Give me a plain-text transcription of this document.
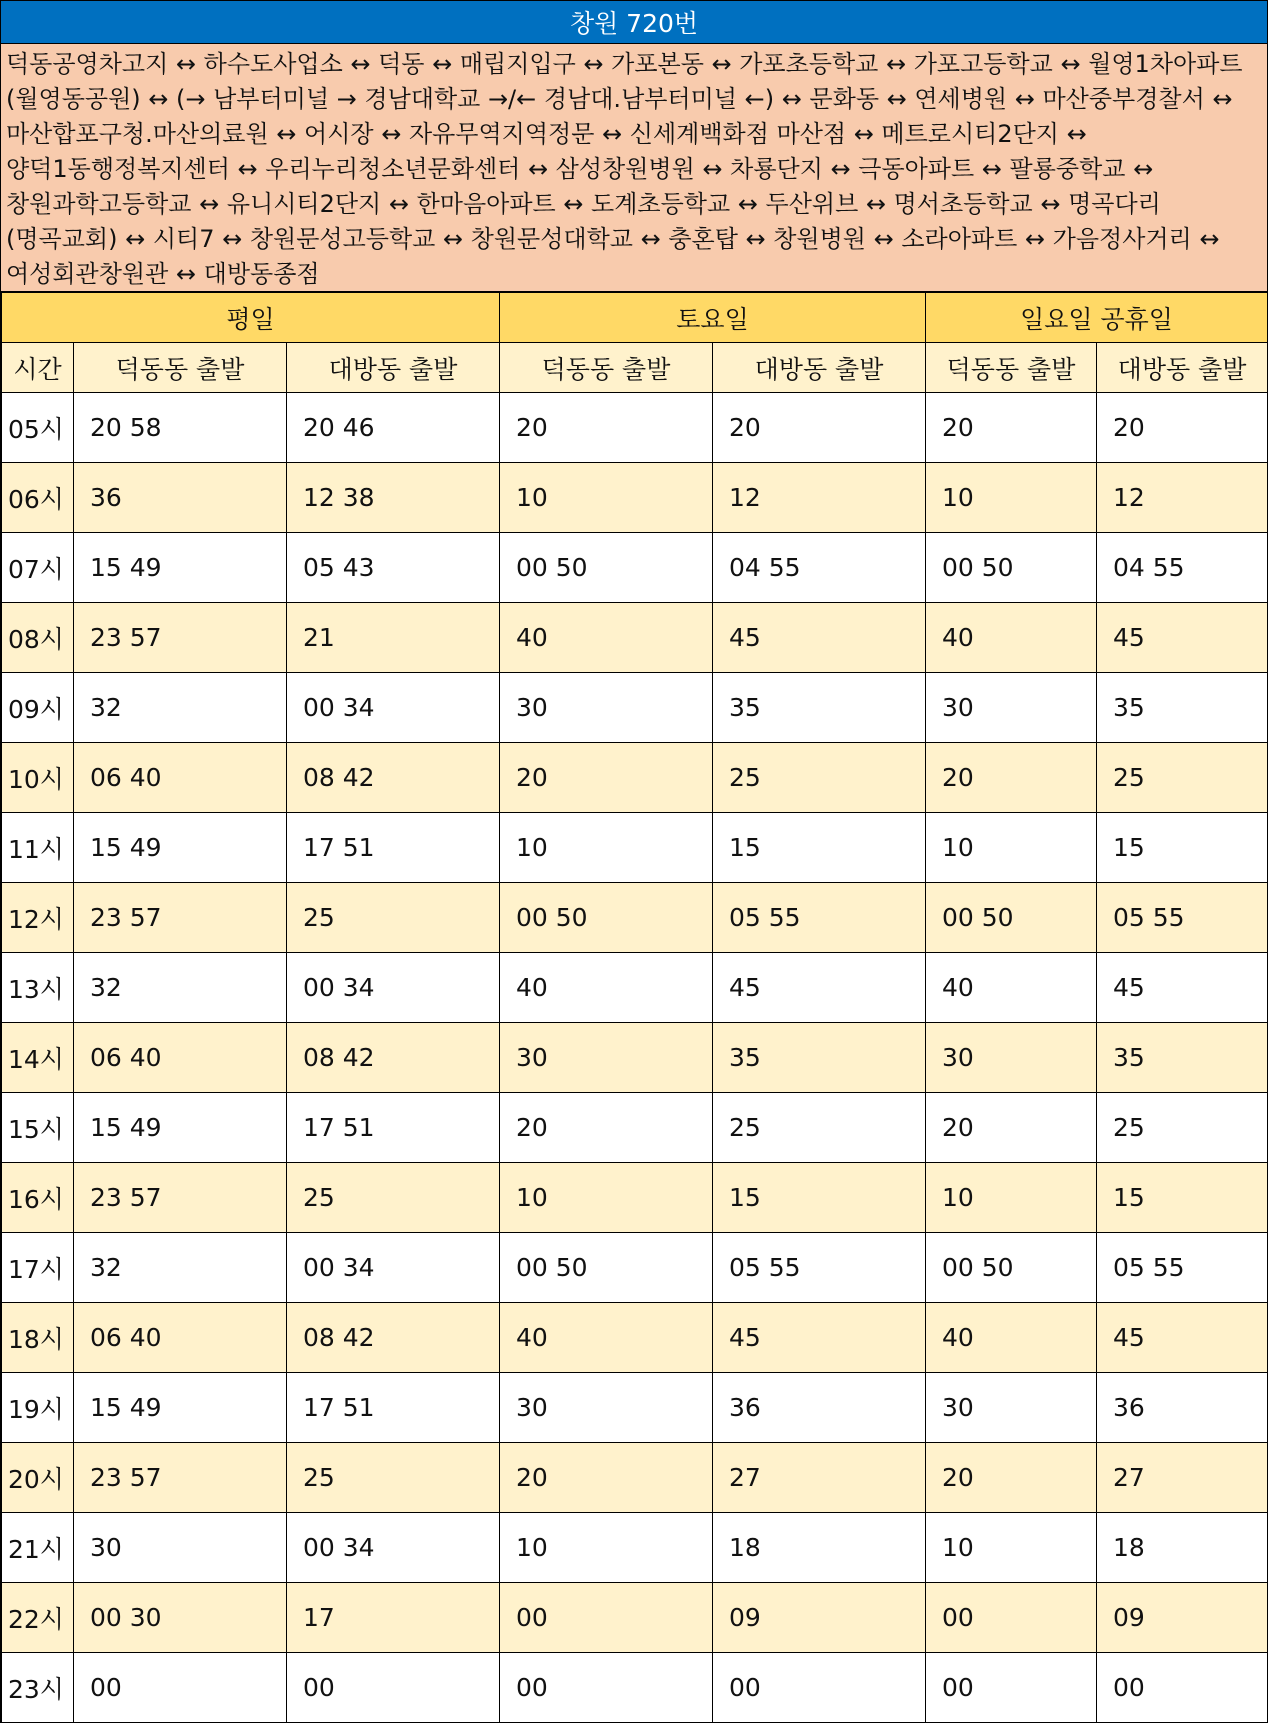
창원 720번
덕동공영차고지 ↔ 하수도사업소 ↔ 덕동 ↔ 매립지입구 ↔ 가포본동 ↔ 가포초등학교 ↔ 가포고등학교 ↔ 월영1차아파트(월영동공원) ↔ (→ 남부터미널 → 경남대학교 →/← 경남대.남부터미널 ←) ↔ 문화동 ↔ 연세병원 ↔ 마산중부경찰서 ↔ 마산합포구청.마산의료원 ↔ 어시장 ↔ 자유무역지역정문 ↔ 신세계백화점 마산점 ↔ 메트로시티2단지 ↔ 양덕1동행정복지센터 ↔ 우리누리청소년문화센터 ↔ 삼성창원병원 ↔ 차룡단지 ↔ 극동아파트 ↔ 팔룡중학교 ↔ 창원과학고등학교 ↔ 유니시티2단지 ↔ 한마음아파트 ↔ 도계초등학교 ↔ 두산위브 ↔ 명서초등학교 ↔ 명곡다리(명곡교회) ↔ 시티7 ↔ 창원문성고등학교 ↔ 창원문성대학교 ↔ 충혼탑 ↔ 창원병원 ↔ 소라아파트 ↔ 가음정사거리 ↔ 여성회관창원관 ↔ 대방동종점
평일			토요일		일요일 공휴일	
시간	덕동동 출발	대방동 출발	덕동동 출발	대방동 출발	덕동동 출발	대방동 출발
05시	20 58	20 46	20	20	20	20
06시	36	12 38	10	12	10	12
07시	15 49	05 43	00 50	04 55	00 50	04 55
08시	23 57	21	40	45	40	45
09시	32	00 34	30	35	30	35
10시	06 40	08 42	20	25	20	25
11시	15 49	17 51	10	15	10	15
12시	23 57	25	00 50	05 55	00 50	05 55
13시	32	00 34	40	45	40	45
14시	06 40	08 42	30	35	30	35
15시	15 49	17 51	20	25	20	25
16시	23 57	25	10	15	10	15
17시	32	00 34	00 50	05 55	00 50	05 55
18시	06 40	08 42	40	45	40	45
19시	15 49	17 51	30	36	30	36
20시	23 57	25	20	27	20	27
21시	30	00 34	10	18	10	18
22시	00 30	17	00	09	00	09
23시	00	00	00	00	00	00
